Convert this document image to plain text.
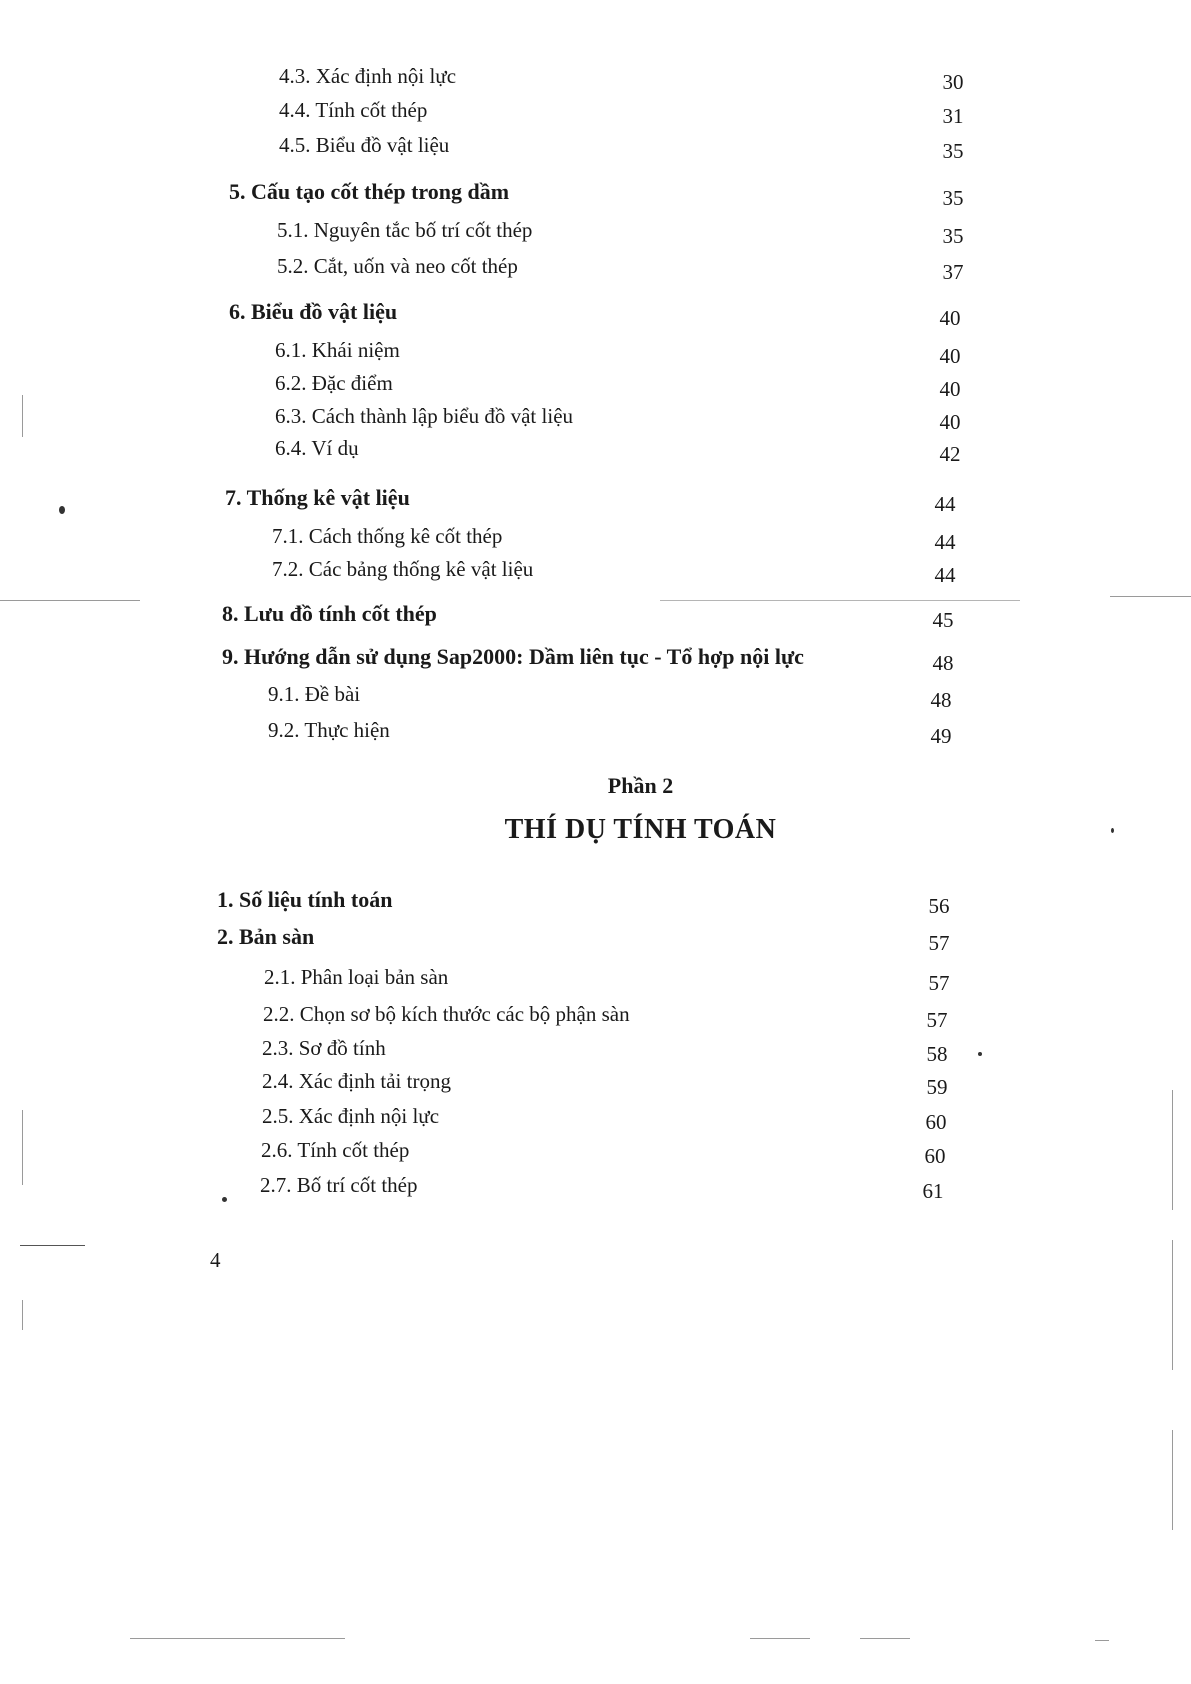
4.3. Xác định nội lực	30
4.4. Tính cốt thép	31
4.5. Biểu đồ vật liệu	35
5. Cấu tạo cốt thép trong dầm	35
5.1. Nguyên tắc bố trí cốt thép	35
5.2. Cắt, uốn và neo cốt thép	37
6. Biểu đồ vật liệu	40
6.1. Khái niệm	40
6.2. Đặc điểm	40
6.3. Cách thành lập biểu đồ vật liệu	40
6.4. Ví dụ	42
7. Thống kê vật liệu	44
7.1. Cách thống kê cốt thép	44
7.2. Các bảng thống kê vật liệu	44
8. Lưu đồ tính cốt thép	45
9. Hướng dẫn sử dụng Sap2000: Dầm liên tục - Tổ hợp nội lực	48
9.1. Đề bài	48
9.2. Thực hiện	49
Phần 2
THÍ DỤ TÍNH TOÁN
1. Số liệu tính toán	56
2. Bản sàn	57
2.1. Phân loại bản sàn	57
2.2. Chọn sơ bộ kích thước các bộ phận sàn	57
2.3. Sơ đồ tính	58
2.4. Xác định tải trọng	59
2.5. Xác định nội lực	60
2.6. Tính cốt thép	60
2.7. Bố trí cốt thép	61
4
